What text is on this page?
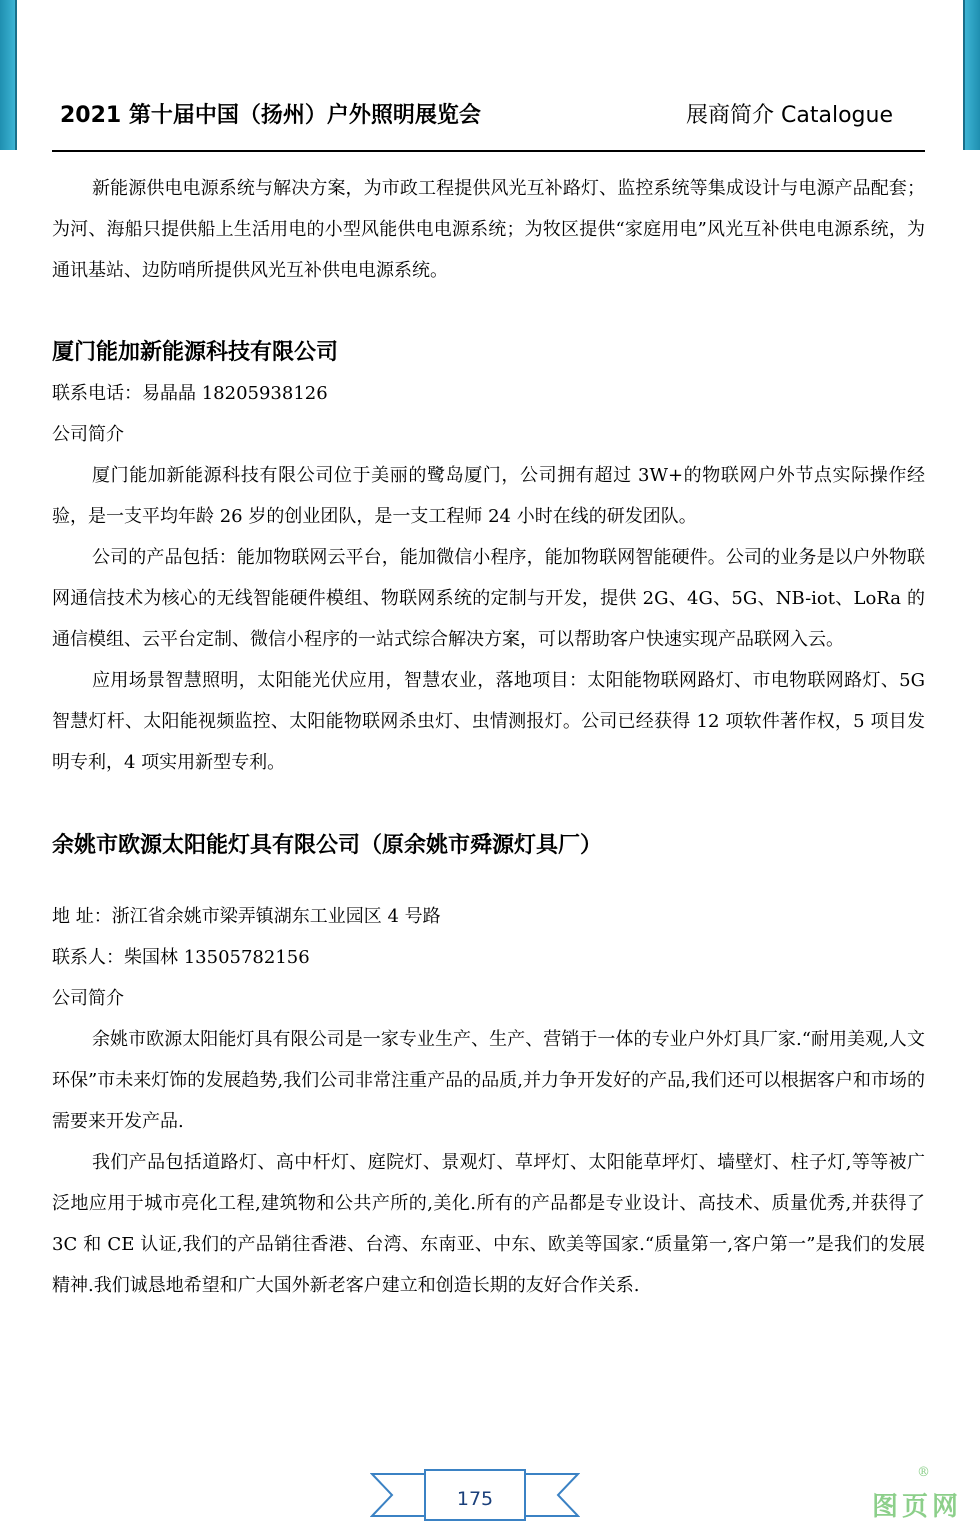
2021 第十届中国（扬州）户外照明展览会	展商简介 Catalogue

新能源供电电源系统与解决方案，为市政工程提供风光互补路灯、监控系统等集成设计与电源产品配套；为河、海船只提供船上生活用电的小型风能供电电源系统；为牧区提供“家庭用电”风光互补供电电源系统，为通讯基站、边防哨所提供风光互补供电电源系统。

厦门能加新能源科技有限公司

联系电话：易晶晶 18205938126

公司简介

厦门能加新能源科技有限公司位于美丽的鹭岛厦门，公司拥有超过 3W+的物联网户外节点实际操作经验，是一支平均年龄 26 岁的创业团队，是一支工程师 24 小时在线的研发团队。

公司的产品包括：能加物联网云平台，能加微信小程序，能加物联网智能硬件。公司的业务是以户外物联网通信技术为核心的无线智能硬件模组、物联网系统的定制与开发，提供 2G、4G、5G、NB-iot、LoRa 的通信模组、云平台定制、微信小程序的一站式综合解决方案，可以帮助客户快速实现产品联网入云。

应用场景智慧照明，太阳能光伏应用，智慧农业，落地项目：太阳能物联网路灯、市电物联网路灯、5G 智慧灯杆、太阳能视频监控、太阳能物联网杀虫灯、虫情测报灯。公司已经获得 12 项软件著作权，5 项目发明专利，4 项实用新型专利。

余姚市欧源太阳能灯具有限公司（原余姚市舜源灯具厂）

地 址：浙江省余姚市梁弄镇湖东工业园区 4 号路

联系人：柴国林 13505782156

公司简介

余姚市欧源太阳能灯具有限公司是一家专业生产、生产、营销于一体的专业户外灯具厂家.“耐用美观,人文环保”市未来灯饰的发展趋势,我们公司非常注重产品的品质,并力争开发好的产品,我们还可以根据客户和市场的需要来开发产品.

我们产品包括道路灯、高中杆灯、庭院灯、景观灯、草坪灯、太阳能草坪灯、墙壁灯、柱子灯,等等被广泛地应用于城市亮化工程,建筑物和公共产所的,美化.所有的产品都是专业设计、高技术、质量优秀,并获得了 3C 和 CE 认证,我们的产品销往香港、台湾、东南亚、中东、欧美等国家.“质量第一,客户第一”是我们的发展精神.我们诚恳地希望和广大国外新老客户建立和创造长期的友好合作关系.

175	图页网
®
